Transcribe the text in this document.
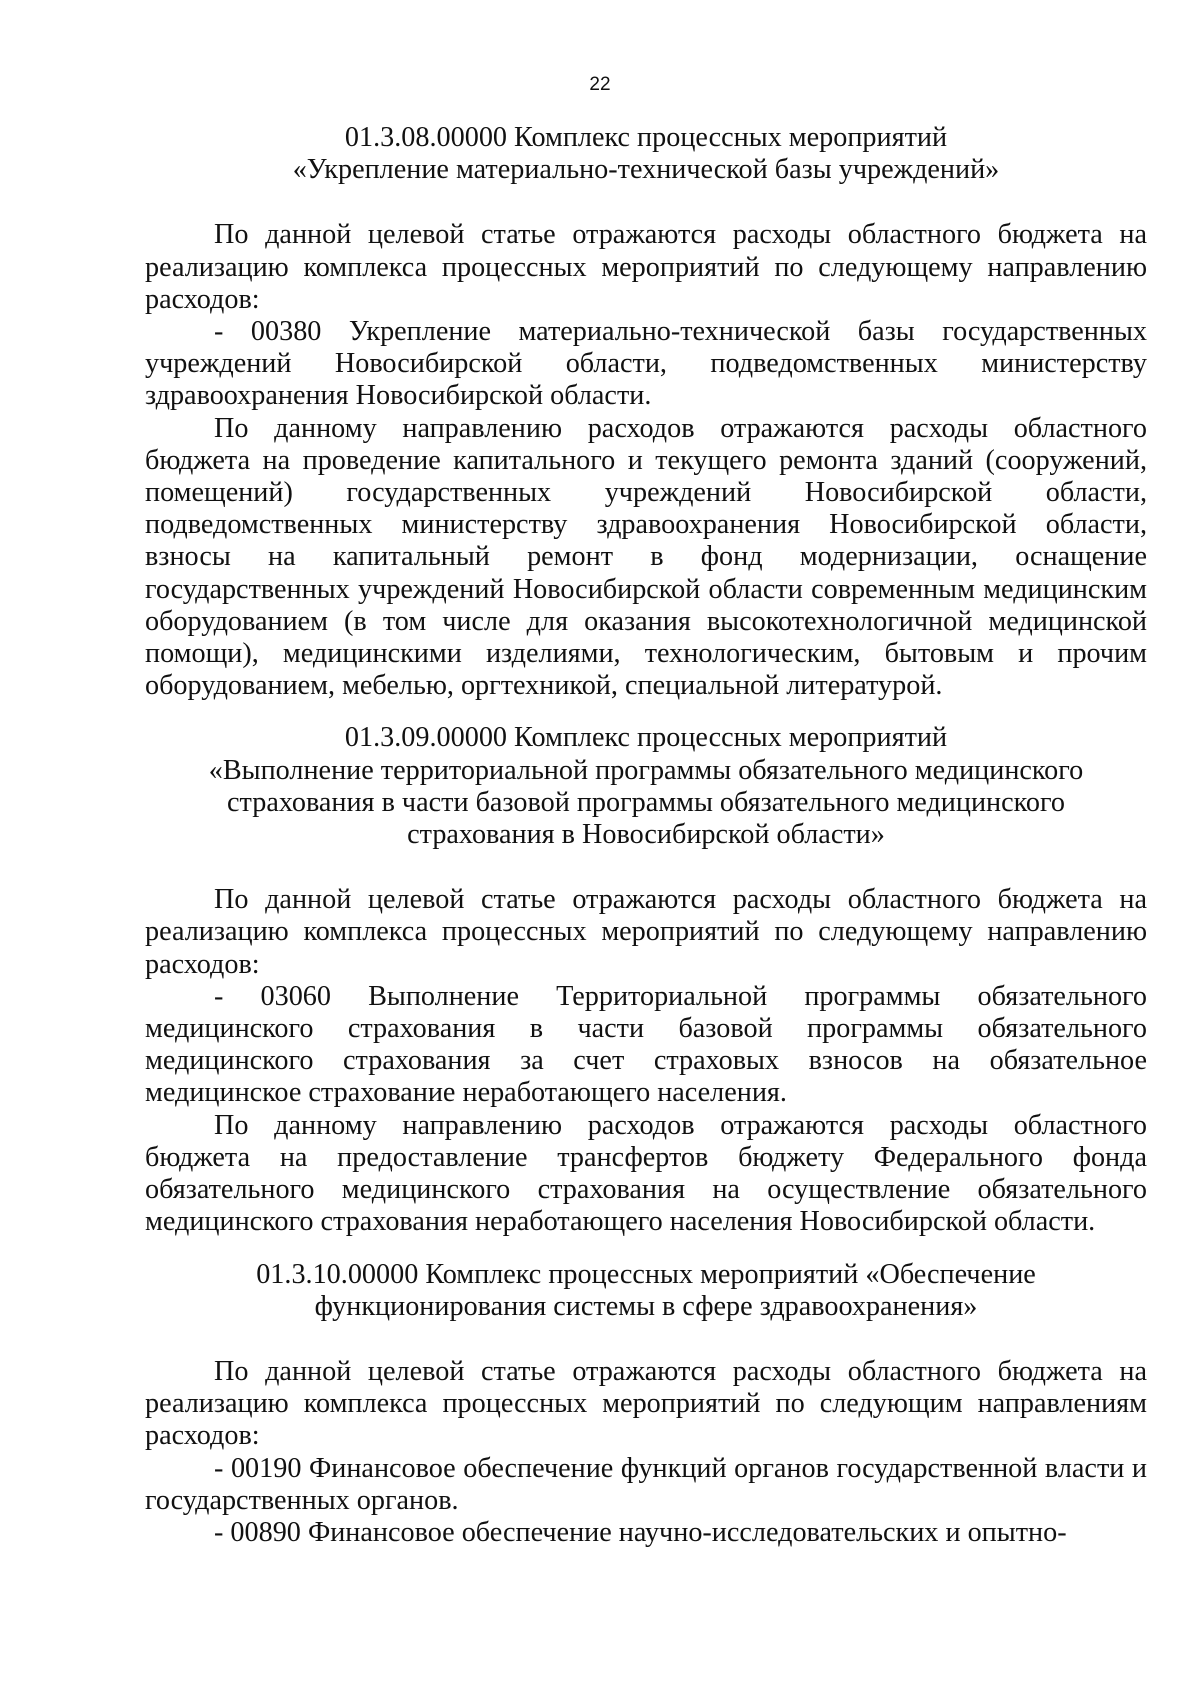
22
01.3.08.00000 Комплекс процессных мероприятий
«Укрепление материально-технической базы учреждений»

По данной целевой статье отражаются расходы областного бюджета на реализацию комплекса процессных мероприятий по следующему направлению расходов:

- 00380 Укрепление материально-технической базы государственных учреждений Новосибирской области, подведомственных министерству здравоохранения Новосибирской области.

По данному направлению расходов отражаются расходы областного бюджета на проведение капитального и текущего ремонта зданий (сооружений, помещений) государственных учреждений Новосибирской области, подведомственных министерству здравоохранения Новосибирской области, взносы на капитальный ремонт в фонд модернизации, оснащение государственных учреждений Новосибирской области современным медицинским оборудованием (в том числе для оказания высокотехнологичной медицинской помощи), медицинскими изделиями, технологическим, бытовым и прочим оборудованием, мебелью, оргтехникой, специальной литературой.

01.3.09.00000 Комплекс процессных мероприятий
«Выполнение территориальной программы обязательного медицинского
страхования в части базовой программы обязательного медицинского
страхования в Новосибирской области»

По данной целевой статье отражаются расходы областного бюджета на реализацию комплекса процессных мероприятий по следующему направлению расходов:

- 03060 Выполнение Территориальной программы обязательного медицинского страхования в части базовой программы обязательного медицинского страхования за счет страховых взносов на обязательное медицинское страхование неработающего населения.

По данному направлению расходов отражаются расходы областного бюджета на предоставление трансфертов бюджету Федерального фонда обязательного медицинского страхования на осуществление обязательного медицинского страхования неработающего населения Новосибирской области.

01.3.10.00000 Комплекс процессных мероприятий «Обеспечение
функционирования системы в сфере здравоохранения»

По данной целевой статье отражаются расходы областного бюджета на реализацию комплекса процессных мероприятий по следующим направлениям расходов:

- 00190 Финансовое обеспечение функций органов государственной власти и государственных органов.

- 00890 Финансовое обеспечение научно-исследовательских и опытно-
